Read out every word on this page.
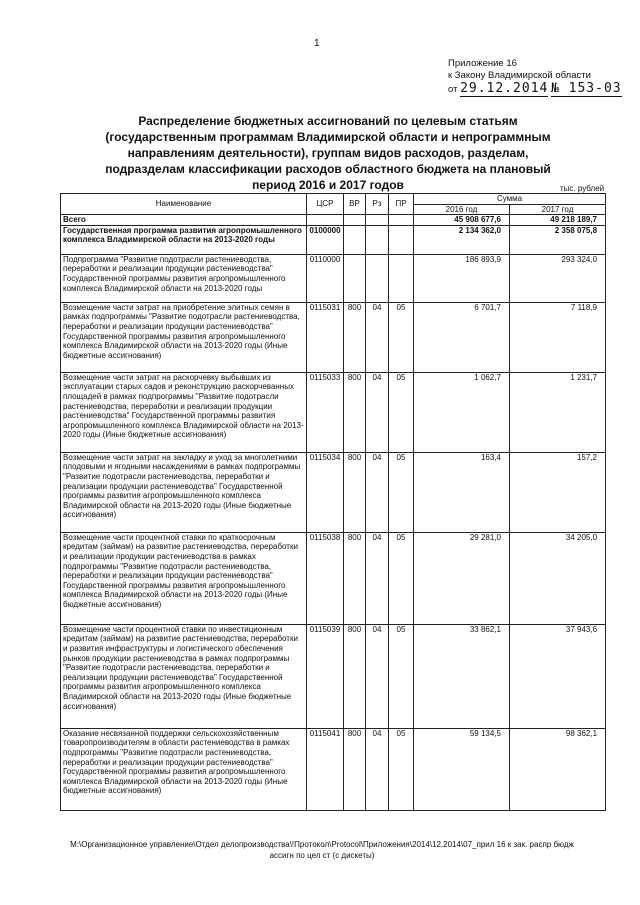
1
Приложение 16
к Закону Владимирской области
от 29.12.2014 № 153-03
Распределение бюджетных ассигнований по целевым статьям (государственным программам Владимирской области и непрограммным направлениям деятельности), группам видов расходов, разделам, подразделам классификации расходов областного бюджета на плановый период 2016 и 2017 годов	тыс. рублей
Наименование	ЦСР	ВР	Рз	ПР	Сумма	
					2016 год	2017 год
Всего					45 908 677,6	49 218 189,7
Государственная программа развития агропромышленного комплекса Владимирской области на 2013-2020 годы	0100000				2 134 362,0	2 358 075,8
Подпрограмма "Развитие подотрасли растениеводства, переработки и реализации продукции растениеводства" Государственной программы развития агропромышленного комплекса Владимирской области на 2013-2020 годы	0110000				186 893,9	293 324,0
Возмещение части затрат на приобретение элитных семян в рамках подпрограммы "Развитие подотрасли растениеводства, переработки и реализации продукции растениеводства" Государственной программы развития агропромышленного комплекса Владимирской области на 2013-2020 годы (Иные бюджетные ассигнования)	0115031	800	04	05	6 701,7	7 118,9
Возмещение части затрат на раскорчевку выбывших из эксплуатации старых садов и реконструкцию раскорчеванных площадей в рамках подпрограммы "Развитие подотрасли растениеводства, переработки и реализации продукции растениеводства" Государственной программы развития агропромышленного комплекса Владимирской области на 2013-2020 годы (Иные бюджетные ассигнования)	0115033	800	04	05	1 062,7	1 231,7
Возмещение части затрат на закладку и уход за многолетними плодовыми и ягодными насаждениями в рамках подпрограммы "Развитие подотрасли растениеводства, переработки и реализации продукции растениеводства" Государственной программы развития агропромышленного комплекса Владимирской области на 2013-2020 годы (Иные бюджетные ассигнования)	0115034	800	04	05	163,4	157,2
Возмещение части процентной ставки по краткосрочным кредитам (займам) на развитие растениеводства, переработки и реализации продукции растениеводства в рамках подпрограммы "Развитие подотрасли растениеводства, переработки и реализации продукции растениеводства" Государственной программы развития агропромышленного комплекса Владимирской области на 2013-2020 годы (Иные бюджетные ассигнования)	0115038	800	04	05	29 281,0	34 205,0
Возмещение части процентной ставки по инвестиционным кредитам (займам) на развитие растениеводства, переработки и развития инфраструктуры и логистического обеспечения рынков продукции растениеводства в рамках подпрограммы "Развитие подотрасли растениеводства, переработки и реализации продукции растениеводства" Государственной программы развития агропромышленного комплекса Владимирской области на 2013-2020 годы (Иные бюджетные ассигнования)	0115039	800	04	05	33 862,1	37 943,6
Оказание несвязанной поддержки сельскохозяйственным товаропроизводителям в области растениеводства в рамках подпрограммы "Развитие подотрасли растениеводства, переработки и реализации продукции растениеводства" Государственной программы развития агропромышленного комплекса Владимирской области на 2013-2020 годы (Иные бюджетные ассигнования)	0115041	800	04	05	59 134,5	98 362,1
M:\Организационное управление\Отдел делопроизводства\!Протокол\Protocol\Приложения\2014\12.2014\07_прил 16 к зак. распр бюдж ассигн по цел ст (с дискеты)
